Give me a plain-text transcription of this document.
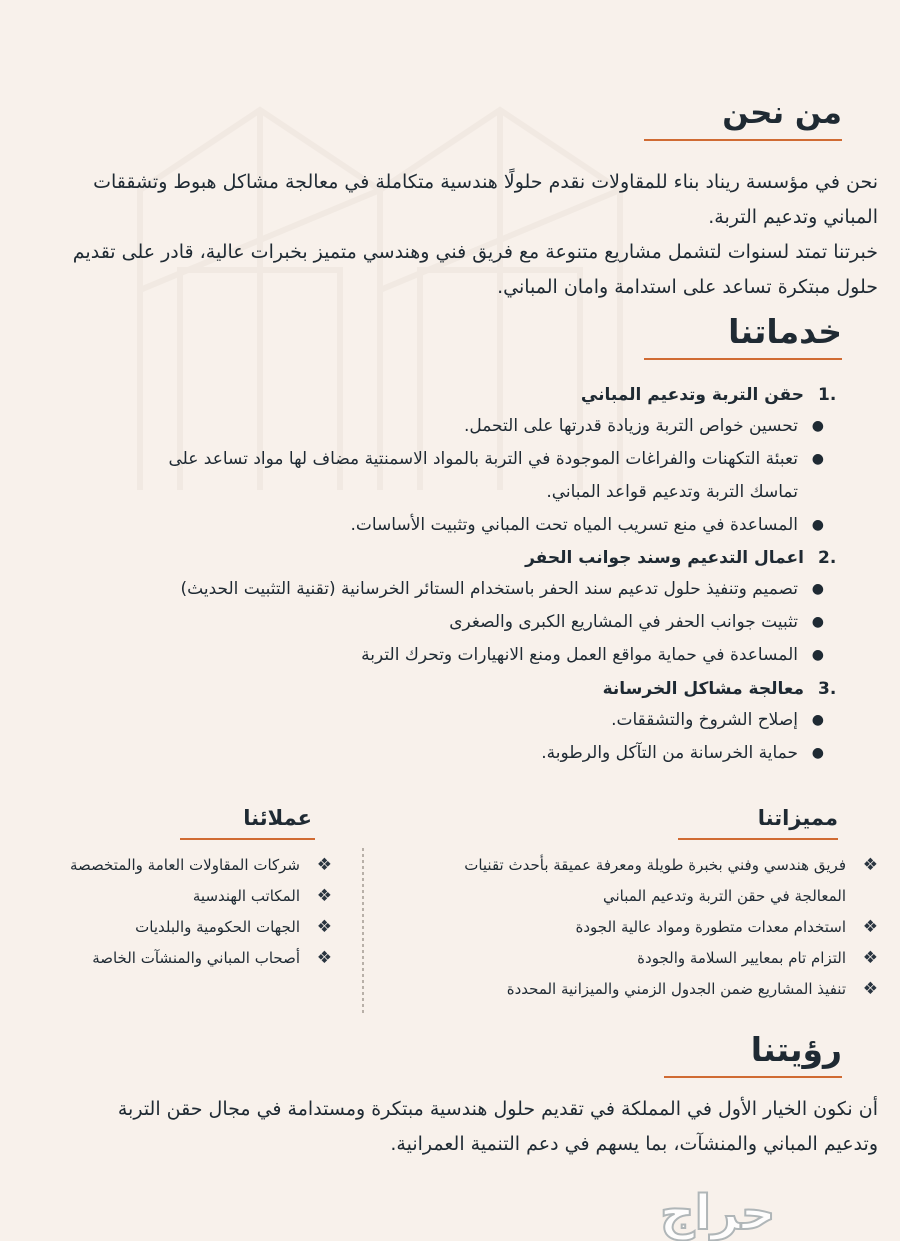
من نحن
نحن في مؤسسة ريناد بناء للمقاولات نقدم حلولًا هندسية متكاملة في معالجة مشاكل هبوط وتشققات
المباني وتدعيم التربة.
خبرتنا تمتد لسنوات لتشمل مشاريع متنوعة مع فريق فني وهندسي متميز بخبرات عالية، قادر على تقديم
حلول مبتكرة تساعد على استدامة وامان المباني.
خدماتنا
.1
حقن التربة وتدعيم المباني
●
تحسين خواص التربة وزيادة قدرتها على التحمل.
●
تعبئة التكهنات والفراغات الموجودة في التربة بالمواد الاسمنتية مضاف لها مواد تساعد على
تماسك التربة وتدعيم قواعد المباني.
●
المساعدة في منع تسريب المياه تحت المباني وتثبيت الأساسات.
.2
اعمال التدعيم وسند جوانب الحفر
●
تصميم وتنفيذ حلول تدعيم سند الحفر باستخدام الستائر الخرسانية (تقنية التثبيت الحديث)
●
تثبيت جوانب الحفر في المشاريع الكبرى والصغرى
●
المساعدة في حماية مواقع العمل ومنع الانهيارات وتحرك التربة
.3
معالجة مشاكل الخرسانة
●
إصلاح الشروخ والتشققات.
●
حماية الخرسانة من التآكل والرطوبة.
مميزاتنا
❖
فريق هندسي وفني بخبرة طويلة ومعرفة عميقة بأحدث تقنيات
المعالجة في حقن التربة وتدعيم المباني
❖
استخدام معدات متطورة ومواد عالية الجودة
❖
التزام تام بمعايير السلامة والجودة
❖
تنفيذ المشاريع ضمن الجدول الزمني والميزانية المحددة
عملائنا
❖
شركات المقاولات العامة والمتخصصة
❖
المكاتب الهندسية
❖
الجهات الحكومية والبلديات
❖
أصحاب المباني والمنشآت الخاصة
رؤيتنا
أن نكون الخيار الأول في المملكة في تقديم حلول هندسية مبتكرة ومستدامة في مجال حقن التربة
وتدعيم المباني والمنشآت، بما يسهم في دعم التنمية العمرانية.
حراج
